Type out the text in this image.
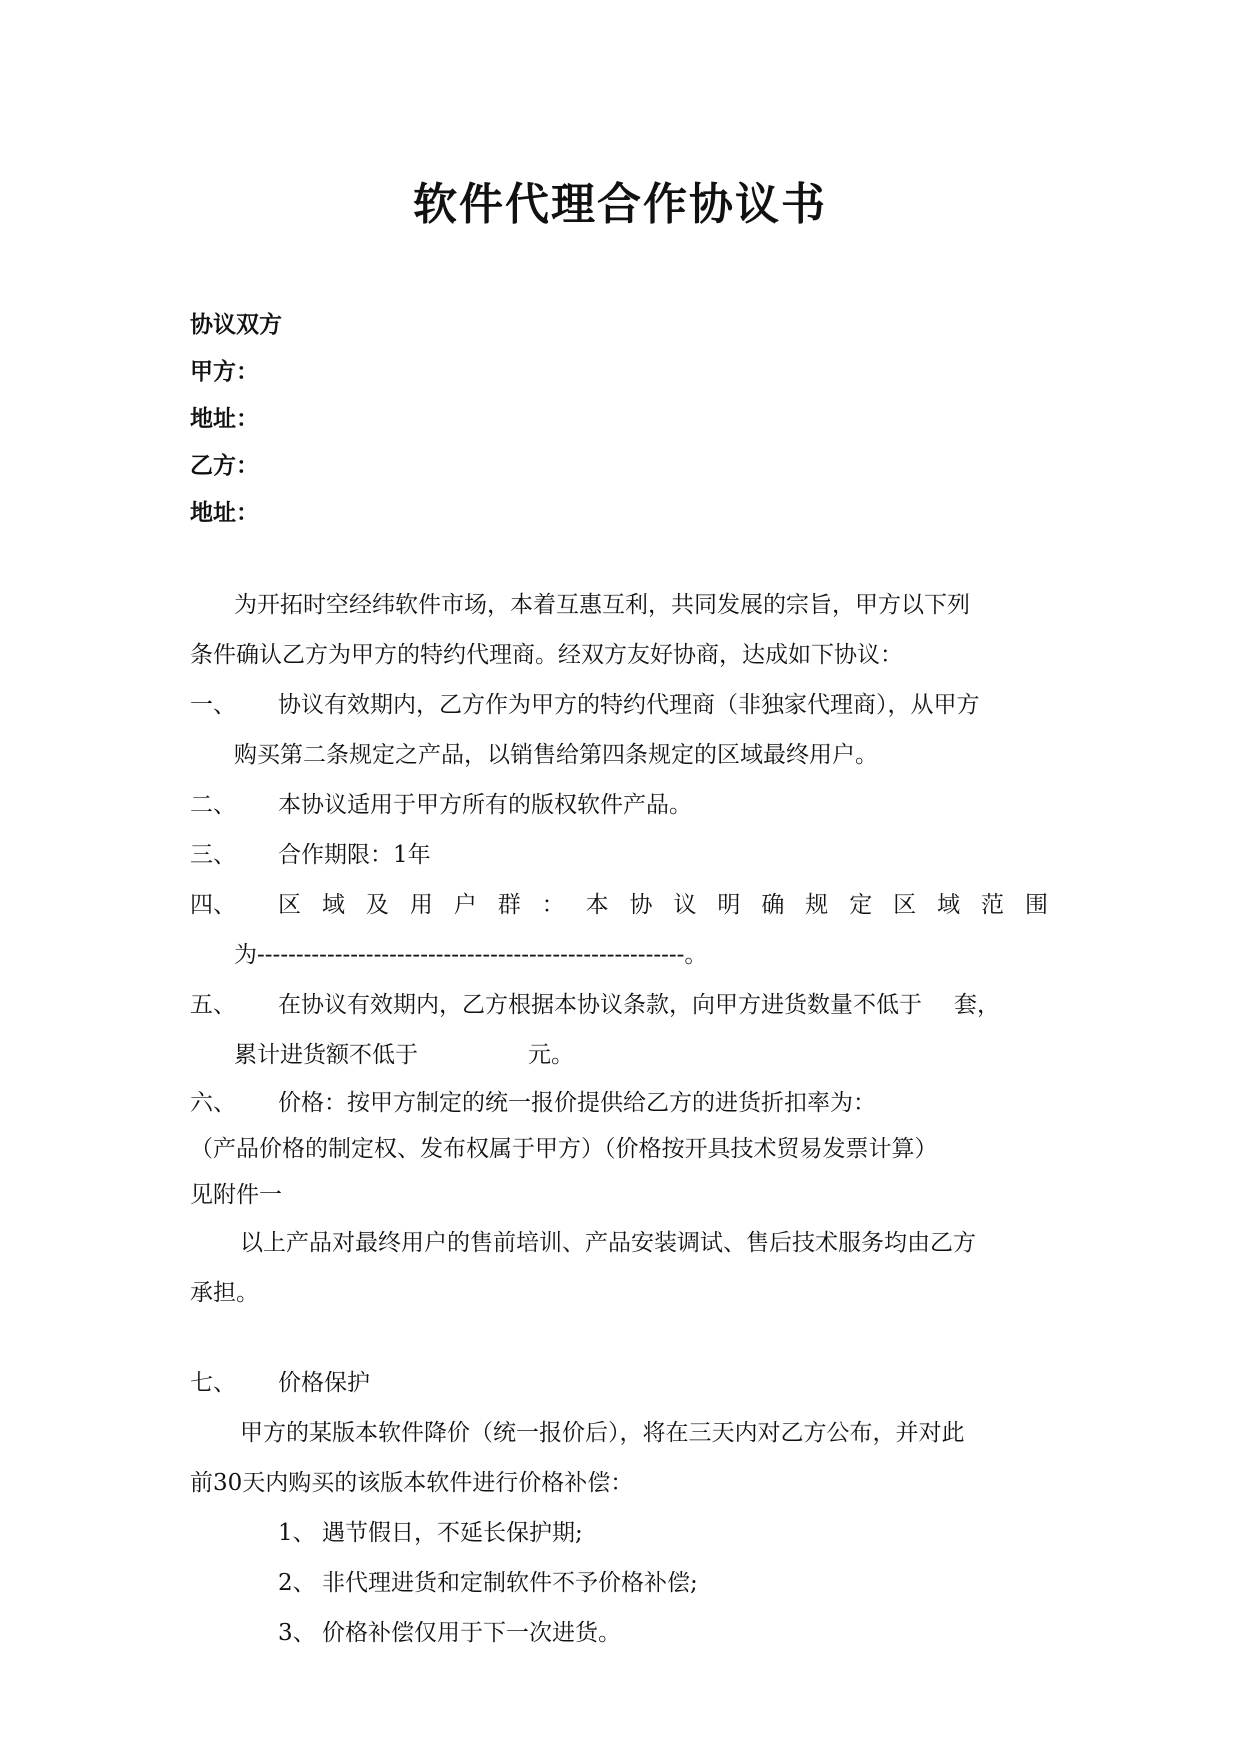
软件代理合作协议书
协议双方
甲方：
地址：
乙方：
地址：
为开拓时空经纬软件市场，本着互惠互利，共同发展的宗旨，甲方以下列
条件确认乙方为甲方的特约代理商。经双方友好协商，达成如下协议：
一、 协议有效期内，乙方作为甲方的特约代理商（非独家代理商），从甲方
购买第二条规定之产品，以销售给第四条规定的区域最终用户。
二、 本协议适用于甲方所有的版权软件产品。
三、 合作期限：1年
四、 区 域 及 用 户 群 ： 本 协 议 明 确 规 定 区 域 范 围
为-------------------------------------------------------。
五、 在协议有效期内，乙方根据本协议条款，向甲方进货数量不低于 套，
累计进货额不低于	元。
六、 价格：按甲方制定的统一报价提供给乙方的进货折扣率为：
（产品价格的制定权、发布权属于甲方）（价格按开具技术贸易发票计算）
见附件一
以上产品对最终用户的售前培训、产品安装调试、售后技术服务均由乙方
承担。
七、 价格保护
甲方的某版本软件降价（统一报价后），将在三天内对乙方公布，并对此
前30天内购买的该版本软件进行价格补偿：
1、 遇节假日，不延长保护期;
2、 非代理进货和定制软件不予价格补偿;
3、 价格补偿仅用于下一次进货。
